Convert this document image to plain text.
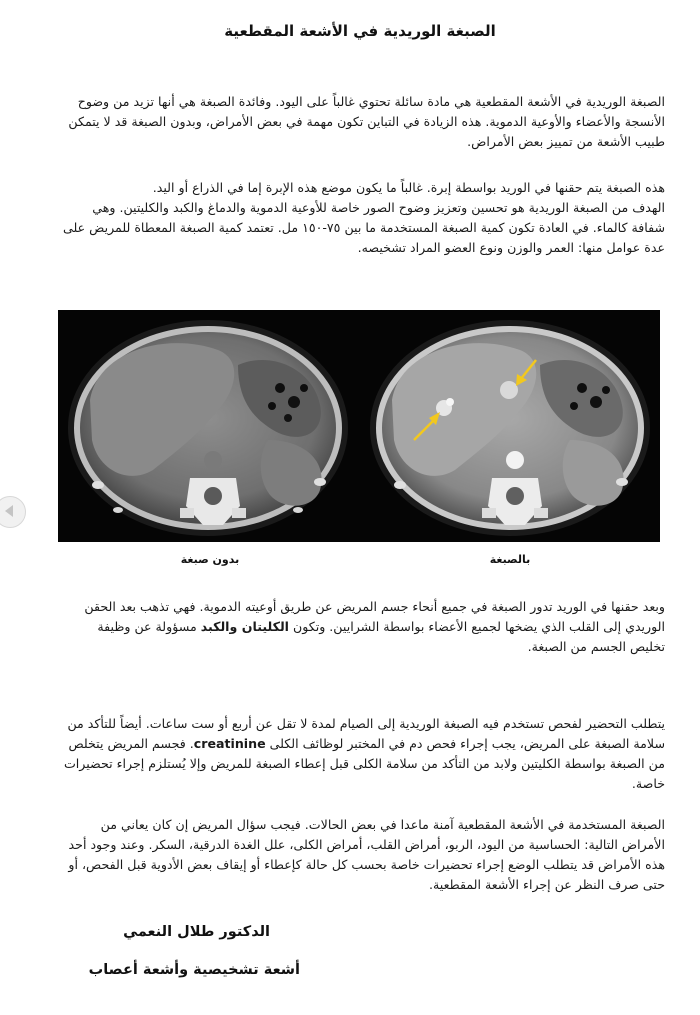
الصبغة الوريدية في الأشعة المقطعية

الصبغة الوريدية في الأشعة المقطعية هي مادة سائلة تحتوي غالباً على اليود. وفائدة الصبغة هي أنها تزيد من وضوح الأنسجة والأعضاء والأوعية الدموية. هذه الزيادة في التباين تكون مهمة في بعض الأمراض، وبدون الصبغة قد لا يتمكن طبيب الأشعة من تمييز بعض الأمراض.

هذه الصبغة يتم حقنها في الوريد بواسطة إبرة. غالباً ما يكون موضع هذه الإبرة إما في الذراع أو اليد.

الهدف من الصبغة الوريدية هو تحسين وتعزيز وضوح الصور خاصة للأوعية الدموية والدماغ والكبد والكليتين. وهي شفافة كالماء. في العادة تكون كمية الصبغة المستخدمة ما بين ٧٥-١٥٠ مل. تعتمد كمية الصبغة المعطاة للمريض على عدة عوامل منها: العمر والوزن ونوع العضو المراد تشخيصه.

بالصبغة
بدون صبغة

وبعد حقنها في الوريد تدور الصبغة في جميع أنحاء جسم المريض عن طريق أوعيته الدموية. فهي تذهب بعد الحقن الوريدي إلى القلب الذي يضخها لجميع الأعضاء بواسطة الشرايين. وتكون الكليتان والكبد مسؤولة عن وظيفة تخليص الجسم من الصبغة.

يتطلب التحضير لفحص تستخدم فيه الصبغة الوريدية إلى الصيام لمدة لا تقل عن أربع أو ست ساعات. أيضاً للتأكد من سلامة الصبغة على المريض، يجب إجراء فحص دم في المختبر لوظائف الكلى creatinine. فجسم المريض يتخلص من الصبغة بواسطة الكليتين ولابد من التأكد من سلامة الكلى قبل إعطاء الصبغة للمريض وإلا يُستلزم إجراء تحضيرات خاصة.

الصبغة المستخدمة في الأشعة المقطعية آمنة ماعدا في بعض الحالات. فيجب سؤال المريض إن كان يعاني من الأمراض التالية: الحساسية من اليود، الربو، أمراض القلب، أمراض الكلى، علل الغدة الدرقية، السكر. وعند وجود أحد هذه الأمراض قد يتطلب الوضع إجراء تحضيرات خاصة بحسب كل حالة كإعطاء أو إيقاف بعض الأدوية قبل الفحص، أو حتى صرف النظر عن إجراء الأشعة المقطعية.

الدكتور طلال النعمي
أشعة تشخيصية وأشعة أعصاب
